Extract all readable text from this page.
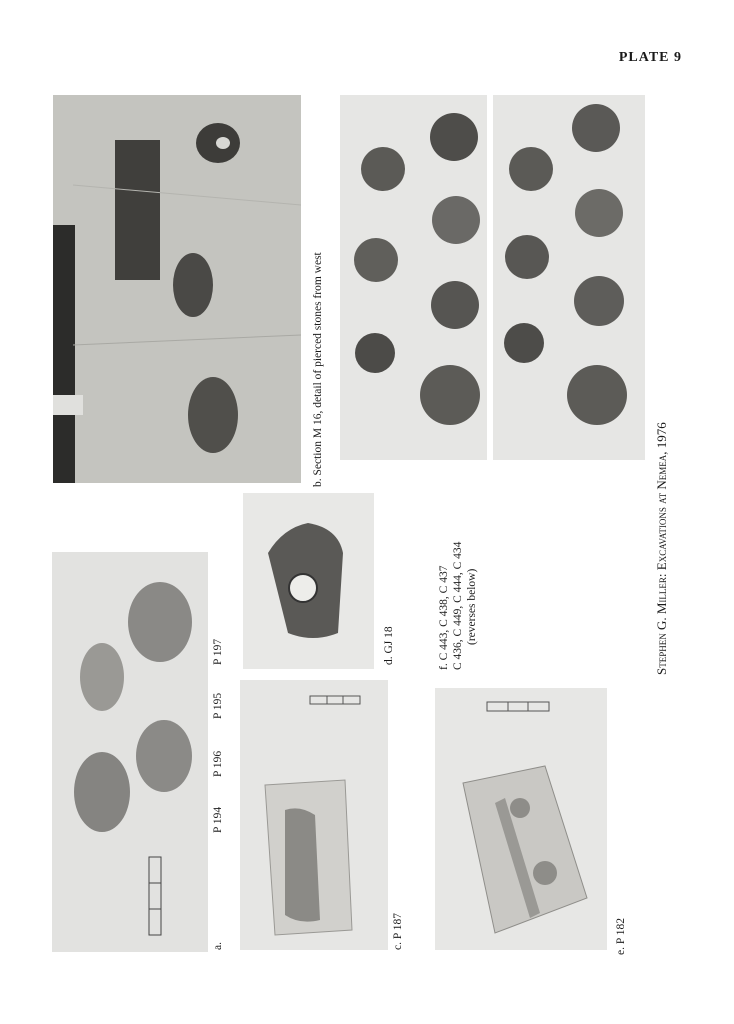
PLATE 9
b. Section M 16, detail of pierced stones from west
a.
P 194
P 196
P 195
P 197	d. GJ 18
c. P 187
f. C 443, C 438, C 437 C 436, C 449, C 444, C 434 (reverses below)
e. P 182
Stephen G. Miller: Excavations at Nemea, 1976
